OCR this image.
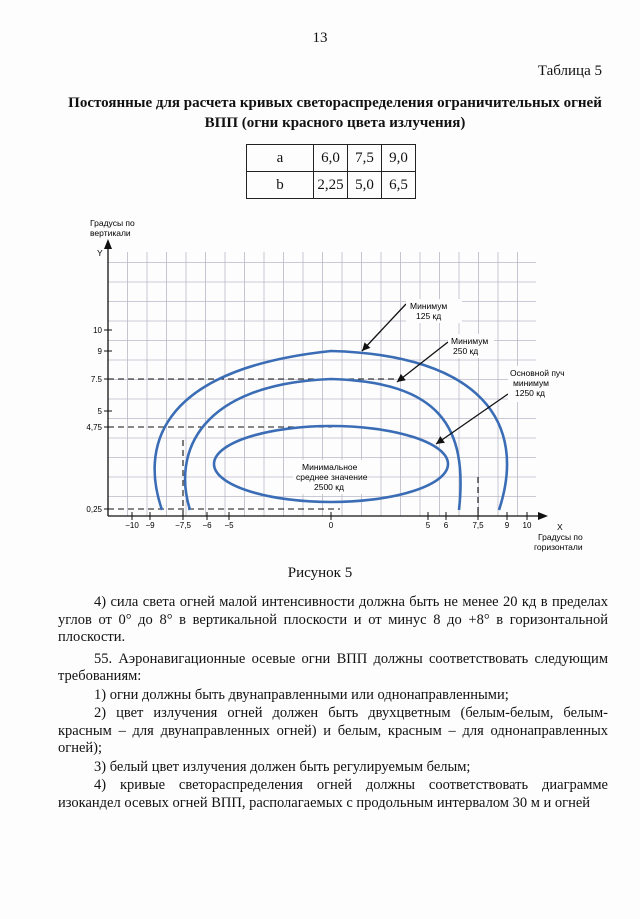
13
Таблица 5
Постоянные для расчета кривых светораспределения ограничительных огней ВПП (огни красного цвета излучения)
a	6,0	7,5	9,0
b	2,25	5,0	6,5
10
9
7.5
5
4,75
0,25
−10 −9	−7,5 −6 −5	0	5 6	7,5	9 10
Градусы по
вертикали
Y
X
Градусы по
горизонтали
Минимум
125 кд
Минимум
250 кд
Основной пуч
минимум
1250 кд
Минимальное
среднее значение
2500 кд
Рисунок 5

4) сила света огней малой интенсивности должна быть не менее 20 кд в пределах углов от 0° до 8° в вертикальной плоскости и от минус 8 до +8° в горизонтальной плоскости.

55. Аэронавигационные осевые огни ВПП должны соответствовать следующим требованиям:

1) огни должны быть двунаправленными или однонаправленными;

2) цвет излучения огней должен быть двухцветным (белым-белым, белым-красным – для двунаправленных огней) и белым, красным – для однонаправленных огней);

3) белый цвет излучения должен быть регулируемым белым;

4) кривые светораспределения огней должны соответствовать диаграмме изокандел осевых огней ВПП, располагаемых с продольным интервалом 30 м и огней
